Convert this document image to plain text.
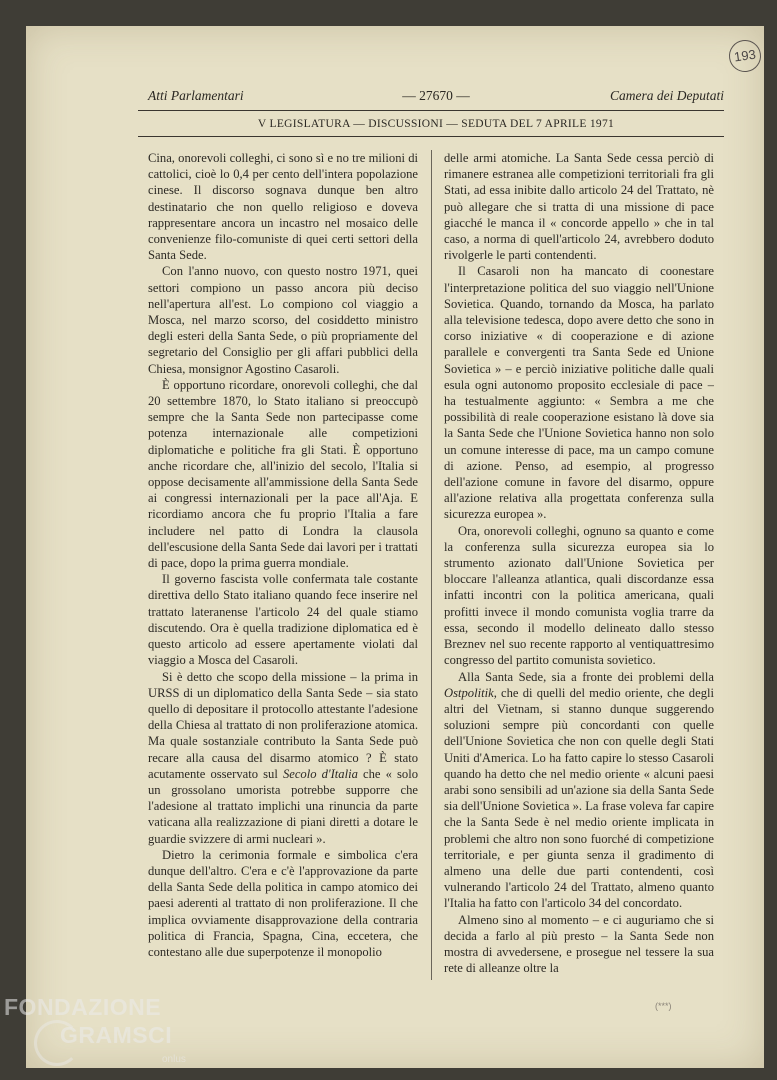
193
Atti Parlamentari	— 27670 —	Camera dei Deputati
V LEGISLATURA — DISCUSSIONI — SEDUTA DEL 7 APRILE 1971

Cina, onorevoli colleghi, ci sono sì e no tre milioni di cattolici, cioè lo 0,4 per cento dell'intera popolazione cinese. Il discorso sognava dunque ben altro destinatario che non quello religioso e doveva rappresentare ancora un incastro nel mosaico delle convenienze filo-comuniste di quei certi settori della Santa Sede.

Con l'anno nuovo, con questo nostro 1971, quei settori compiono un passo ancora più deciso nell'apertura all'est. Lo compiono col viaggio a Mosca, nel marzo scorso, del cosiddetto ministro degli esteri della Santa Sede, o più propriamente del segretario del Consiglio per gli affari pubblici della Chiesa, monsignor Agostino Casaroli.

È opportuno ricordare, onorevoli colleghi, che dal 20 settembre 1870, lo Stato italiano si preoccupò sempre che la Santa Sede non partecipasse come potenza internazionale alle competizioni diplomatiche e politiche fra gli Stati. È opportuno anche ricordare che, all'inizio del secolo, l'Italia si oppose decisamente all'ammissione della Santa Sede ai congressi internazionali per la pace all'Aja. E ricordiamo ancora che fu proprio l'Italia a fare includere nel patto di Londra la clausola dell'escusione della Santa Sede dai lavori per i trattati di pace, dopo la prima guerra mondiale.

Il governo fascista volle confermata tale costante direttiva dello Stato italiano quando fece inserire nel trattato lateranense l'articolo 24 del quale stiamo discutendo. Ora è quella tradizione diplomatica ed è questo articolo ad essere apertamente violati dal viaggio a Mosca del Casaroli.

Si è detto che scopo della missione – la prima in URSS di un diplomatico della Santa Sede – sia stato quello di depositare il protocollo attestante l'adesione della Chiesa al trattato di non proliferazione atomica. Ma quale sostanziale contributo la Santa Sede può recare alla causa del disarmo atomico ? È stato acutamente osservato sul Secolo d'Italia che « solo un grossolano umorista potrebbe supporre che l'adesione al trattato implichi una rinuncia da parte vaticana alla realizzazione di piani diretti a dotare le guardie svizzere di armi nucleari ».

Dietro la cerimonia formale e simbolica c'era dunque dell'altro. C'era e c'è l'approvazione da parte della Santa Sede della politica in campo atomico dei paesi aderenti al trattato di non proliferazione. Il che implica ovviamente disapprovazione della contraria politica di Francia, Spagna, Cina, eccetera, che contestano alle due superpotenze il monopolio

delle armi atomiche. La Santa Sede cessa perciò di rimanere estranea alle competizioni territoriali fra gli Stati, ad essa inibite dallo articolo 24 del Trattato, nè può allegare che si tratta di una missione di pace giacché le manca il « concorde appello » che in tal caso, a norma di quell'articolo 24, avrebbero doduto rivolgerle le parti contendenti.

Il Casaroli non ha mancato di coonestare l'interpretazione politica del suo viaggio nell'Unione Sovietica. Quando, tornando da Mosca, ha parlato alla televisione tedesca, dopo avere detto che sono in corso iniziative « di cooperazione e di azione parallele e convergenti tra Santa Sede ed Unione Sovietica » – e perciò iniziative politiche dalle quali esula ogni autonomo proposito ecclesiale di pace – ha testualmente aggiunto: « Sembra a me che possibilità di reale cooperazione esistano là dove sia la Santa Sede che l'Unione Sovietica hanno non solo un comune interesse di pace, ma un campo comune di azione. Penso, ad esempio, al progresso dell'azione comune in favore del disarmo, oppure all'azione relativa alla progettata conferenza sulla sicurezza europea ».

Ora, onorevoli colleghi, ognuno sa quanto e come la conferenza sulla sicurezza europea sia lo strumento azionato dall'Unione Sovietica per bloccare l'alleanza atlantica, quali discordanze essa infatti incontri con la politica americana, quali profitti invece il mondo comunista voglia trarre da essa, secondo il modello delineato dallo stesso Breznev nel suo recente rapporto al ventiquattresimo congresso del partito comunista sovietico.

Alla Santa Sede, sia a fronte dei problemi della Ostpolitik, che di quelli del medio oriente, che degli altri del Vietnam, si stanno dunque suggerendo soluzioni sempre più concordanti con quelle dell'Unione Sovietica che non con quelle degli Stati Uniti d'America. Lo ha fatto capire lo stesso Casaroli quando ha detto che nel medio oriente « alcuni paesi arabi sono sensibili ad un'azione sia della Santa Sede sia dell'Unione Sovietica ». La frase voleva far capire che la Santa Sede è nel medio oriente implicata in problemi che altro non sono fuorché di competizione territoriale, e per giunta senza il gradimento di almeno una delle due parti contendenti, così vulnerando l'articolo 24 del Trattato, almeno quanto l'Italia ha fatto con l'articolo 34 del concordato.

Almeno sino al momento – e ci auguriamo che si decida a farlo al più presto – la Santa Sede non mostra di avvedersene, e prosegue nel tessere la sua rete di alleanze oltre la

(***)
FONDAZIONE
GRAMSCI
onlus
